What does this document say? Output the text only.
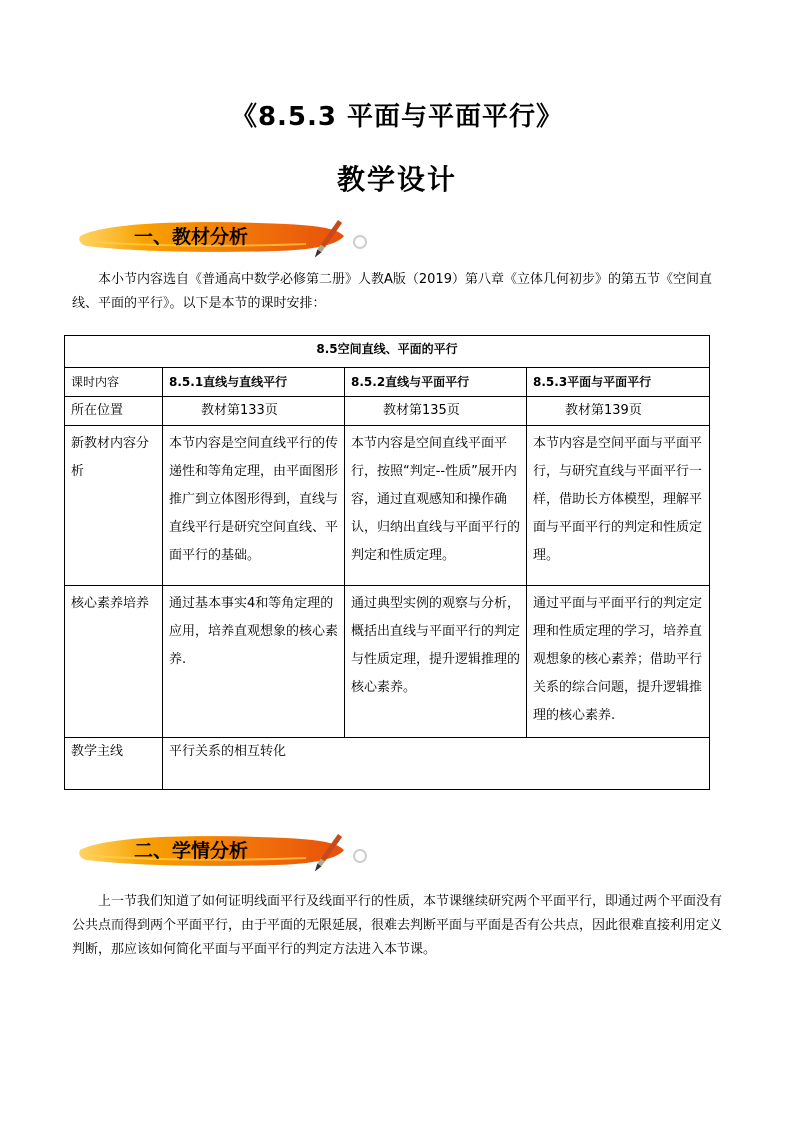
《8.5.3 平面与平面平行》
教学设计
一、教材分析
本小节内容选自《普通高中数学必修第二册》人教A版（2019）第八章《立体几何初步》的第五节《空间直线、平面的平行》。以下是本节的课时安排：
8.5空间直线、平面的平行			
课时内容	8.5.1直线与直线平行	8.5.2直线与平面平行	8.5.3平面与平面平行
所在位置	教材第133页	教材第135页	教材第139页
新教材内容分析	本节内容是空间直线平行的传递性和等角定理，由平面图形推广到立体图形得到，直线与直线平行是研究空间直线、平面平行的基础。	本节内容是空间直线平面平行，按照“判定--性质”展开内容，通过直观感知和操作确认，归纳出直线与平面平行的判定和性质定理。	本节内容是空间平面与平面平行，与研究直线与平面平行一样，借助长方体模型，理解平面与平面平行的判定和性质定理。
核心素养培养	通过基本事实4和等角定理的应用，培养直观想象的核心素养.	通过典型实例的观察与分析，概括出直线与平面平行的判定与性质定理，提升逻辑推理的核心素养。	通过平面与平面平行的判定定理和性质定理的学习，培养直观想象的核心素养；借助平行关系的综合问题，提升逻辑推理的核心素养.
教学主线	平行关系的相互转化		
二、学情分析
上一节我们知道了如何证明线面平行及线面平行的性质，本节课继续研究两个平面平行，即通过两个平面没有公共点而得到两个平面平行，由于平面的无限延展，很难去判断平面与平面是否有公共点，因此很难直接利用定义判断，那应该如何简化平面与平面平行的判定方法进入本节课。
